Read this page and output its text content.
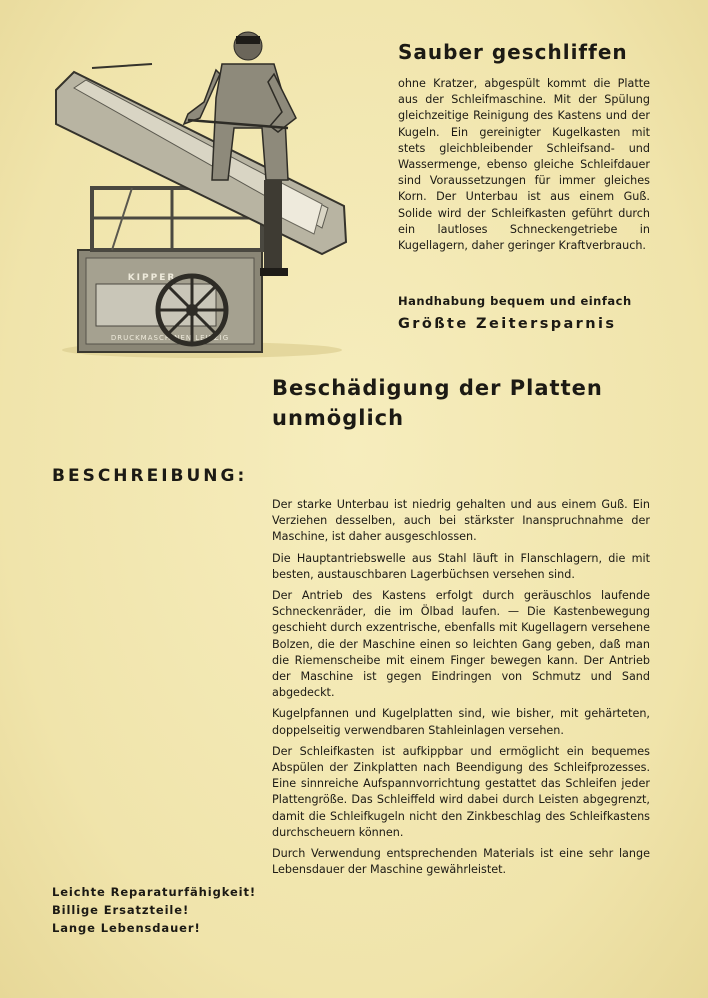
KIPPER
DRUCKMASCHINEN LEIPZIG
Sauber geschliffen
ohne Kratzer, abgespült kommt die Platte aus der Schleifmaschine. Mit der Spülung gleichzeitige Reinigung des Kastens und der Kugeln. Ein gereinigter Kugelkasten mit stets gleichbleibender Schleifsand- und Wassermenge, ebenso gleiche Schleifdauer sind Voraussetzungen für immer gleiches Korn. Der Unterbau ist aus einem Guß. Solide wird der Schleifkasten geführt durch ein lautloses Schneckengetriebe in Kugellagern, daher geringer Kraftverbrauch.
Handhabung bequem und einfach
Größte Zeitersparnis
Beschädigung der Platten
unmöglich
BESCHREIBUNG:

Der starke Unterbau ist niedrig gehalten und aus einem Guß. Ein Verziehen desselben, auch bei stärkster Inanspruchnahme der Maschine, ist daher ausgeschlossen.

Die Hauptantriebswelle aus Stahl läuft in Flanschlagern, die mit besten, austauschbaren Lagerbüchsen versehen sind.

Der Antrieb des Kastens erfolgt durch geräuschlos laufende Schneckenräder, die im Ölbad laufen. — Die Kastenbewegung geschieht durch exzentrische, ebenfalls mit Kugellagern versehene Bolzen, die der Maschine einen so leichten Gang geben, daß man die Riemenscheibe mit einem Finger bewegen kann. Der Antrieb der Maschine ist gegen Eindringen von Schmutz und Sand abgedeckt.

Kugelpfannen und Kugelplatten sind, wie bisher, mit gehärteten, doppelseitig verwendbaren Stahleinlagen versehen.

Der Schleifkasten ist aufkippbar und ermöglicht ein bequemes Abspülen der Zinkplatten nach Beendigung des Schleifprozesses. Eine sinnreiche Aufspannvorrichtung gestattet das Schleifen jeder Plattengröße. Das Schleiffeld wird dabei durch Leisten abgegrenzt, damit die Schleifkugeln nicht den Zinkbeschlag des Schleifkastens durchscheuern können.

Durch Verwendung entsprechenden Materials ist eine sehr lange Lebensdauer der Maschine gewährleistet.

Leichte Reparaturfähigkeit!
Billige Ersatzteile!
Lange Lebensdauer!
